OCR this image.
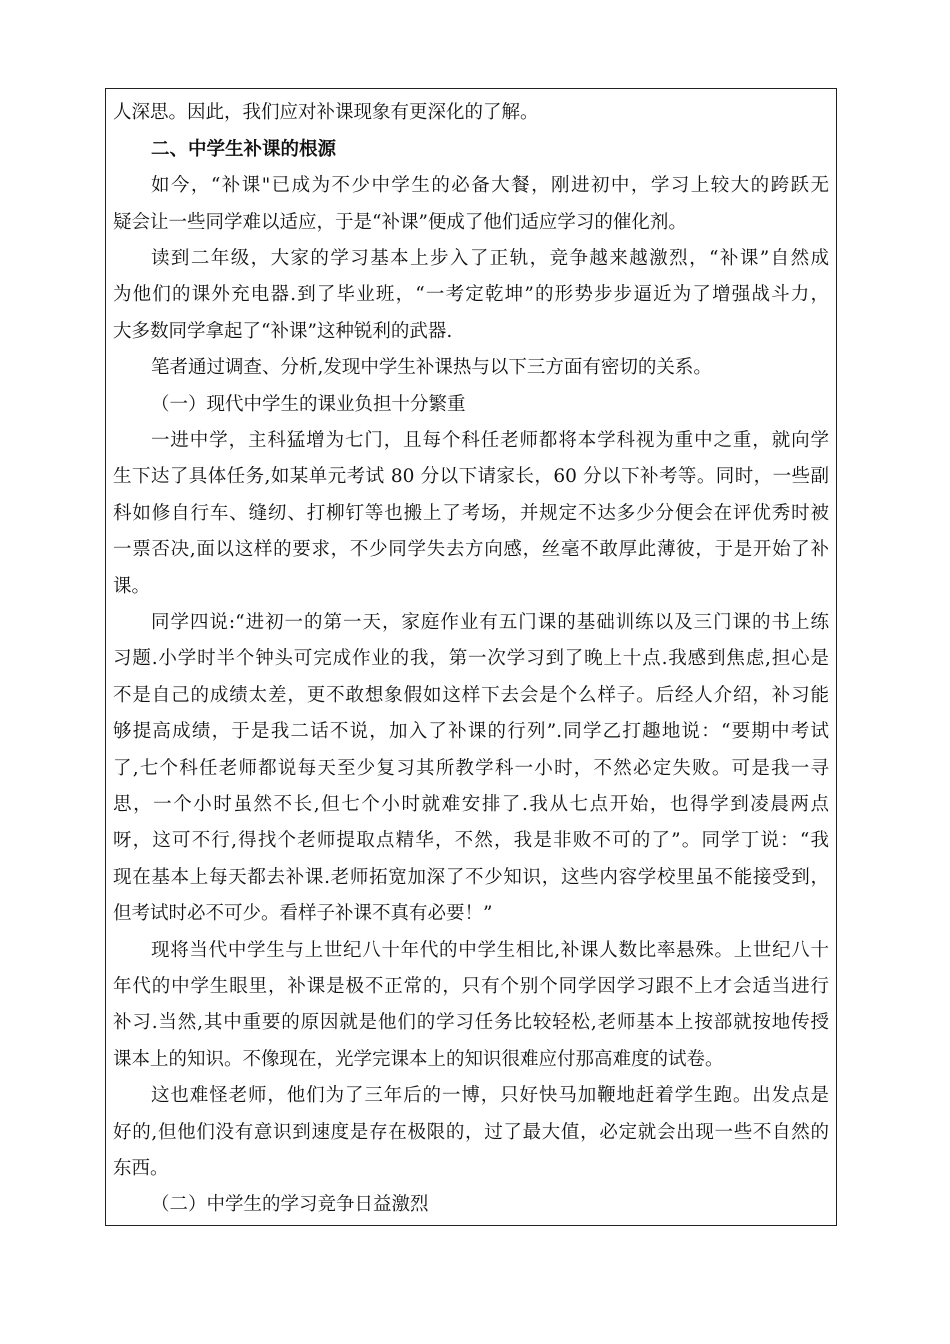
人深思。因此，我们应对补课现象有更深化的了解。
二、中学生补课的根源
如今，“补课"已成为不少中学生的必备大餐，刚进初中，学习上较大的跨跃无
疑会让一些同学难以适应，于是“补课”便成了他们适应学习的催化剂。
读到二年级，大家的学习基本上步入了正轨，竞争越来越激烈，“补课”自然成
为他们的课外充电器.到了毕业班，“一考定乾坤”的形势步步逼近为了增强战斗力，
大多数同学拿起了“补课”这种锐利的武器.
笔者通过调查、分析,发现中学生补课热与以下三方面有密切的关系。
（一）现代中学生的课业负担十分繁重
一进中学，主科猛增为七门，且每个科任老师都将本学科视为重中之重，就向学
生下达了具体任务,如某单元考试 80 分以下请家长，60 分以下补考等。同时，一些副
科如修自行车、缝纫、打柳钉等也搬上了考场，并规定不达多少分便会在评优秀时被
一票否决,面以这样的要求，不少同学失去方向感，丝毫不敢厚此薄彼，于是开始了补
课。
同学四说:“进初一的第一天，家庭作业有五门课的基础训练以及三门课的书上练
习题.小学时半个钟头可完成作业的我，第一次学习到了晚上十点.我感到焦虑,担心是
不是自己的成绩太差，更不敢想象假如这样下去会是个么样子。后经人介绍，补习能
够提高成绩，于是我二话不说，加入了补课的行列”.同学乙打趣地说：“要期中考试
了,七个科任老师都说每天至少复习其所教学科一小时，不然必定失败。可是我一寻
思，一个小时虽然不长,但七个小时就难安排了.我从七点开始，也得学到凌晨两点
呀，这可不行,得找个老师提取点精华，不然，我是非败不可的了”。同学丁说：“我
现在基本上每天都去补课.老师拓宽加深了不少知识，这些内容学校里虽不能接受到，
但考试时必不可少。看样子补课不真有必要！”
现将当代中学生与上世纪八十年代的中学生相比,补课人数比率悬殊。上世纪八十
年代的中学生眼里，补课是极不正常的，只有个别个同学因学习跟不上才会适当进行
补习.当然,其中重要的原因就是他们的学习任务比较轻松,老师基本上按部就按地传授
课本上的知识。不像现在，光学完课本上的知识很难应付那高难度的试卷。
这也难怪老师，他们为了三年后的一博，只好快马加鞭地赶着学生跑。出发点是
好的,但他们没有意识到速度是存在极限的，过了最大值，必定就会出现一些不自然的
东西。
（二）中学生的学习竞争日益激烈
